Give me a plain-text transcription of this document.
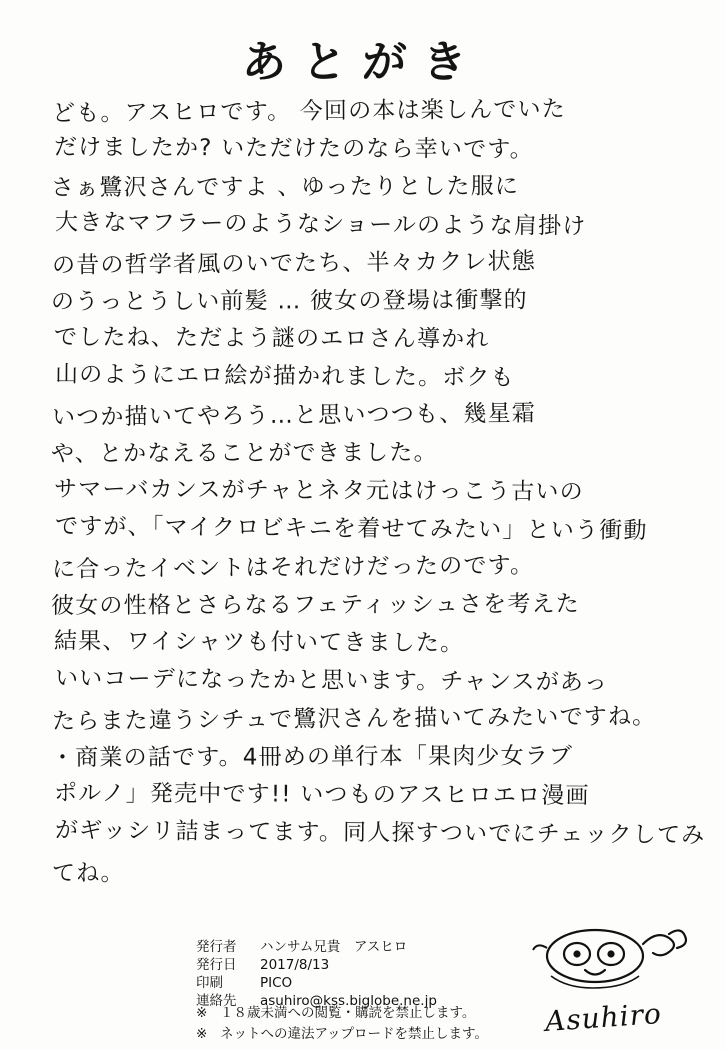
あとがき
ども。アスヒロです。 今回の本は楽しんでいた
だけましたか? いただけたのなら幸いです。
さぁ鷺沢さんですよ 、ゆったりとした服に
大きなマフラーのようなショールのような肩掛け
の昔の哲学者風のいでたち、半々カクレ状態
のうっとうしい前髪 … 彼女の登場は衝撃的
でしたね、ただよう謎のエロさん導かれ
山のようにエロ絵が描かれました。ボクも
いつか描いてやろう…と思いつつも、幾星霜
や、とかなえることができました。
サマーバカンスがチャとネタ元はけっこう古いの
ですが、「マイクロビキニを着せてみたい」という衝動
に合ったイベントはそれだけだったのです。
彼女の性格とさらなるフェティッシュさを考えた
結果、ワイシャツも付いてきました。
いいコーデになったかと思います。チャンスがあっ
たらまた違うシチュで鷺沢さんを描いてみたいですね。
・商業の話です。4冊めの単行本「果肉少女ラブ
ポルノ」発売中です!! いつものアスヒロエロ漫画
がギッシリ詰まってます。同人探すついでにチェックしてみ
てね。
発行者	ハンサム兄貴　アスヒロ
発行日	2017/8/13
印刷	PICO
連絡先	asuhiro@kss.biglobe.ne.jp
※ １８歳未満への閲覧・購読を禁止します。
※ ネットへの違法アップロードを禁止します。 Asuhiro
